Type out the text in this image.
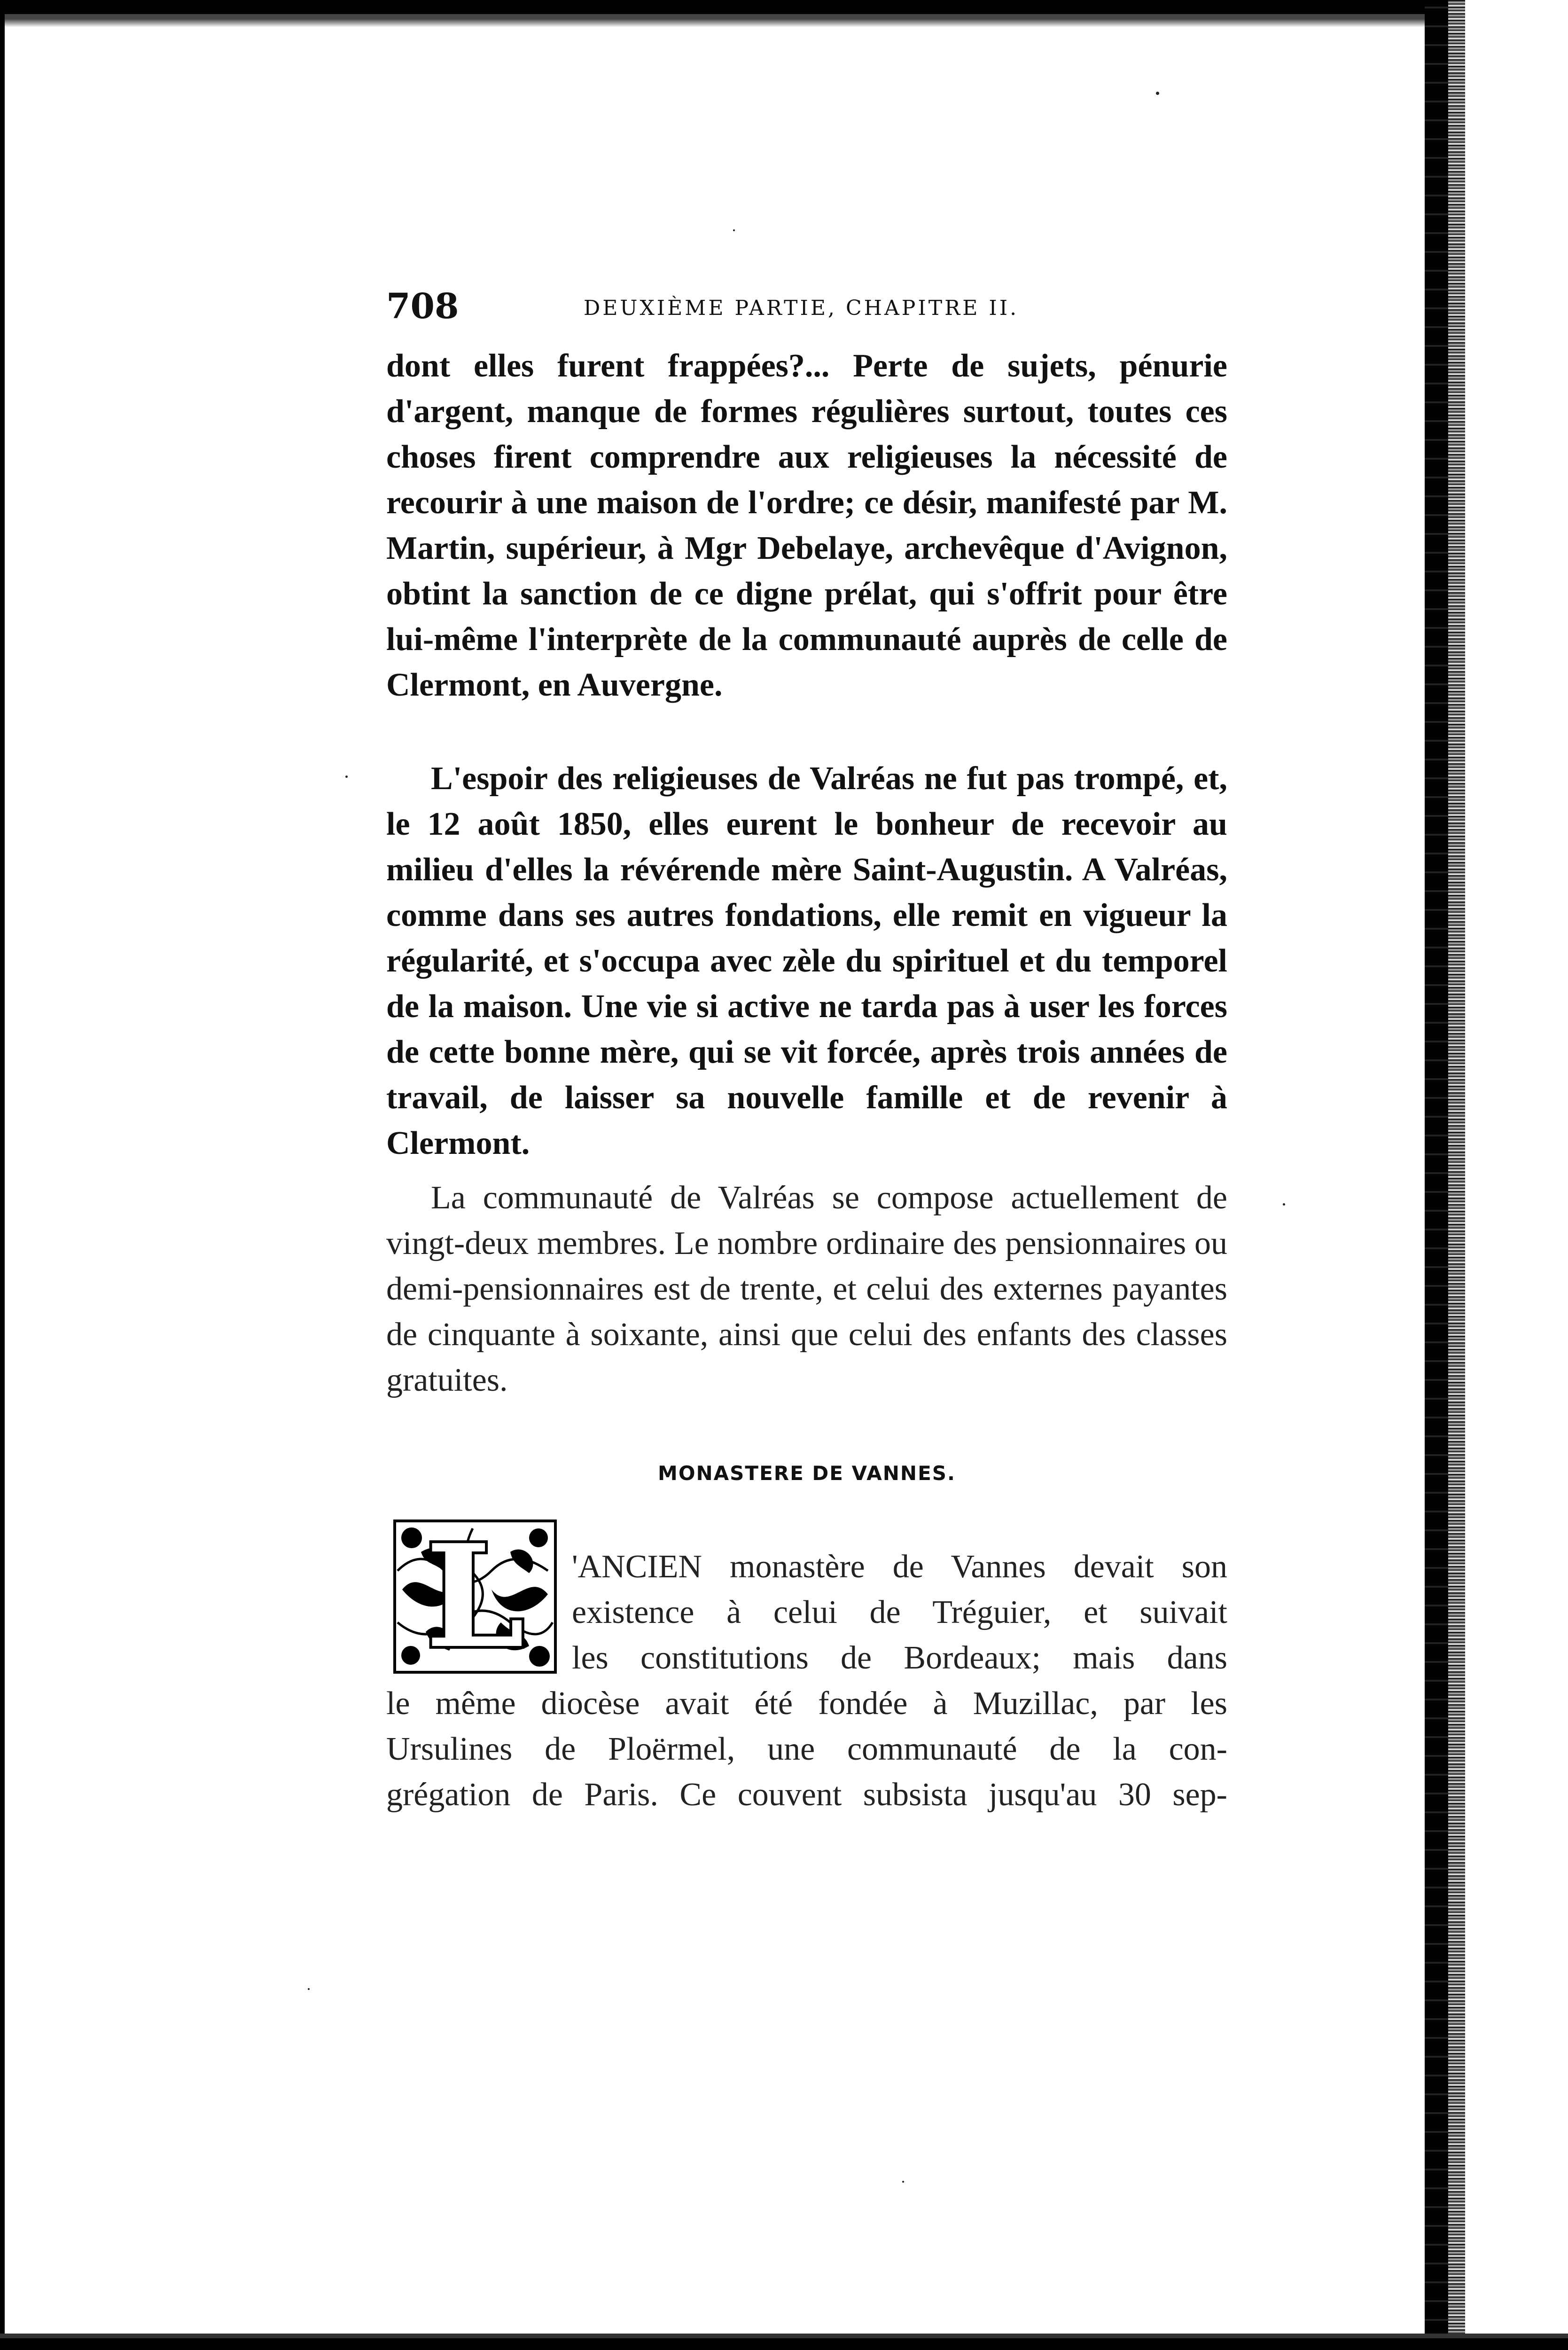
708	DEUXIÈME PARTIE, CHAPITRE II.

dont elles furent frappées?... Perte de sujets, pénurie d'argent, manque de formes régulières surtout, toutes ces choses firent comprendre aux religieuses la nécessité de recourir à une maison de l'ordre; ce désir, manifesté par M. Martin, supérieur, à Mgr Debelaye, archevêque d'Avignon, obtint la sanction de ce digne prélat, qui s'offrit pour être lui-même l'interprète de la communauté auprès de celle de Clermont, en Auvergne.

L'espoir des religieuses de Valréas ne fut pas trompé, et, le 12 août 1850, elles eurent le bonheur de recevoir au milieu d'elles la révérende mère Saint-Augustin. A Valréas, comme dans ses autres fondations, elle remit en vigueur la régularité, et s'occupa avec zèle du spirituel et du temporel de la maison. Une vie si active ne tarda pas à user les forces de cette bonne mère, qui se vit forcée, après trois années de travail, de laisser sa nouvelle famille et de revenir à Clermont.

La communauté de Valréas se compose actuellement de vingt-deux membres. Le nombre ordinaire des pensionnaires ou demi-pensionnaires est de trente, et celui des externes payantes de cinquante à soixante, ainsi que celui des enfants des classes gratuites.

MONASTERE DE VANNES.
L	'ANCIEN monastère de Vannes devait son
existence à celui de Tréguier, et suivait
les constitutions de Bordeaux; mais dans
le même diocèse avait été fondée à Muzillac, par les
Ursulines de Ploërmel, une communauté de la con-
grégation de Paris. Ce couvent subsista jusqu'au 30 sep-
